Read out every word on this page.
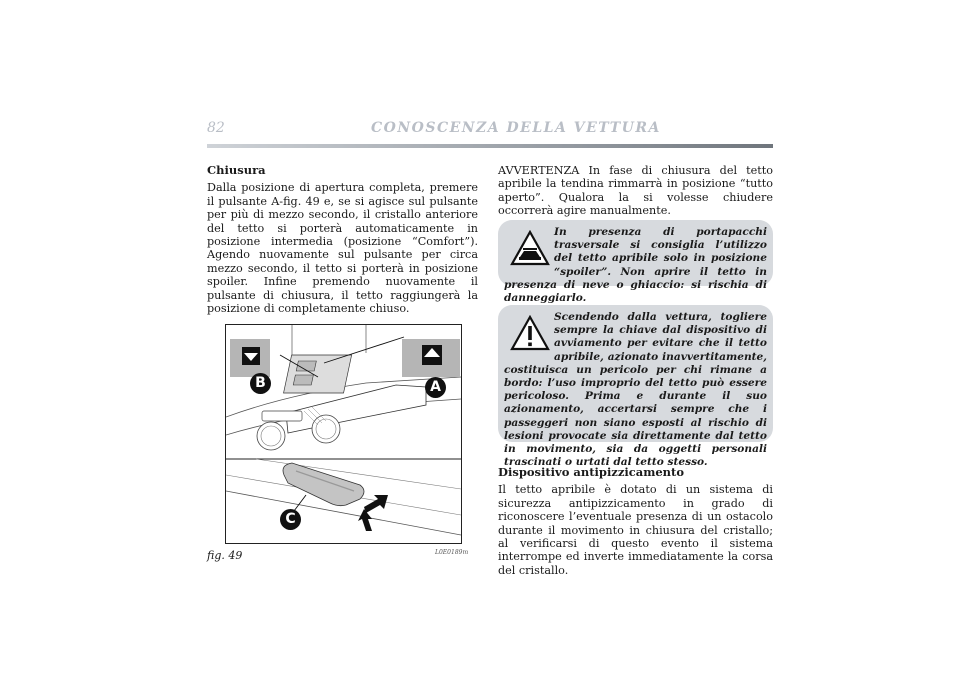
82	CONOSCENZA DELLA VETTURA
Chiusura

Dalla posizione di apertura completa, premere il pulsante A-fig. 49 e, se si agisce sul pulsante per più di mezzo secondo, il cristallo anteriore del tetto si porterà automaticamente in posizione intermedia (posizione “Comfort”). Agendo nuovamente sul pulsante per circa mezzo secondo, il tetto si porterà in posizione spoiler. Infine premendo nuovamente il pulsante di chiusura, il tetto raggiungerà la posizione di completamente chiuso.

AVVERTENZA In fase di chiusura del tetto apribile la tendina rimmarrà in posizione “tutto aperto”. Qualora la si volesse chiudere occorrerà agire manualmente.

In presenza di portapacchi trasversale si consiglia l’utilizzo del tetto apribile solo in posizione “spoiler”. Non aprire il tetto in presenza di neve o ghiaccio: si rischia di danneggiarlo.
Scendendo dalla vettura, togliere sempre la chiave dal dispositivo di avviamento per evitare che il tetto apribile, azionato inavvertitamente, costituisca un pericolo per chi rimane a bordo: l’uso improprio del tetto può essere pericoloso. Prima e durante il suo azionamento, accertarsi sempre che i passeggeri non siano esposti al rischio di lesioni provocate sia direttamente dal tetto in movimento, sia da oggetti personali trascinati o urtati dal tetto stesso.
Dispositivo antipizzicamento

Il tetto apribile è dotato di un sistema di sicurezza antipizzicamento in grado di riconoscere l’eventuale presenza di un ostacolo durante il movimento in chiusura del cristallo; al verificarsi di questo evento il sistema interrompe ed inverte immediatamente la corsa del cristallo.

B	A
C
fig. 49	L0E0189m
